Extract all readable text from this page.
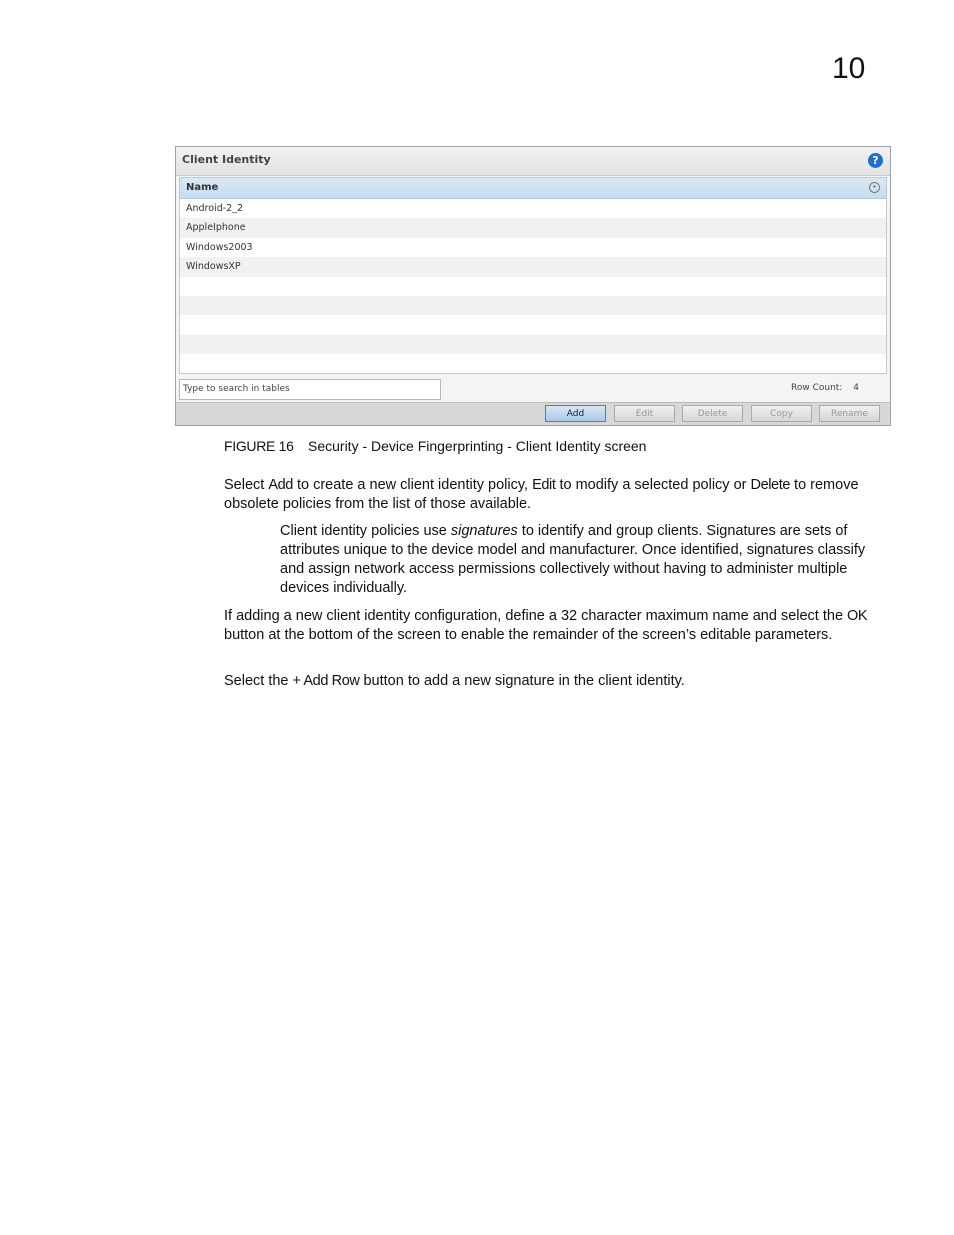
10
Client Identity	?
Name	•
Android-2_2
AppleIphone
Windows2003
WindowsXP
Type to search in tables	Row Count: 4
Add	Edit	Delete	Copy	Rename
FIGURE 16 Security - Device Fingerprinting - Client Identity screen
Select Add to create a new client identity policy, Edit to modify a selected policy or Delete to remove obsolete policies from the list of those available.
Client identity policies use signatures to identify and group clients. Signatures are sets of attributes unique to the device model and manufacturer. Once identified, signatures classify and assign network access permissions collectively without having to administer multiple devices individually.
If adding a new client identity configuration, define a 32 character maximum name and select the OK button at the bottom of the screen to enable the remainder of the screen’s editable parameters.
Select the + Add Row button to add a new signature in the client identity.
